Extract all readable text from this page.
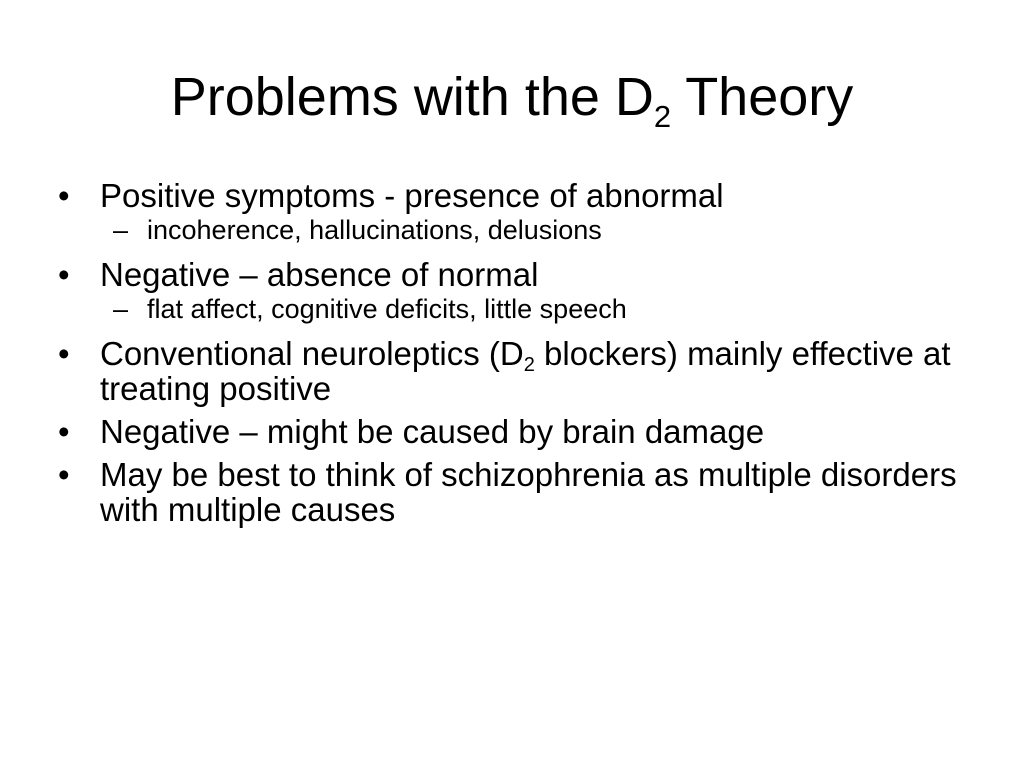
Problems with the $D_2$ Theory
• Positive symptoms - presence of abnormal
– incoherence, hallucinations, delusions
• Negative – absence of normal
– flat affect, cognitive deficits, little speech
• Conventional neuroleptics ($D_2$ blockers) mainly effective at treating positive
• Negative – might be caused by brain damage
• May be best to think of schizophrenia as multiple disorders with multiple causes
